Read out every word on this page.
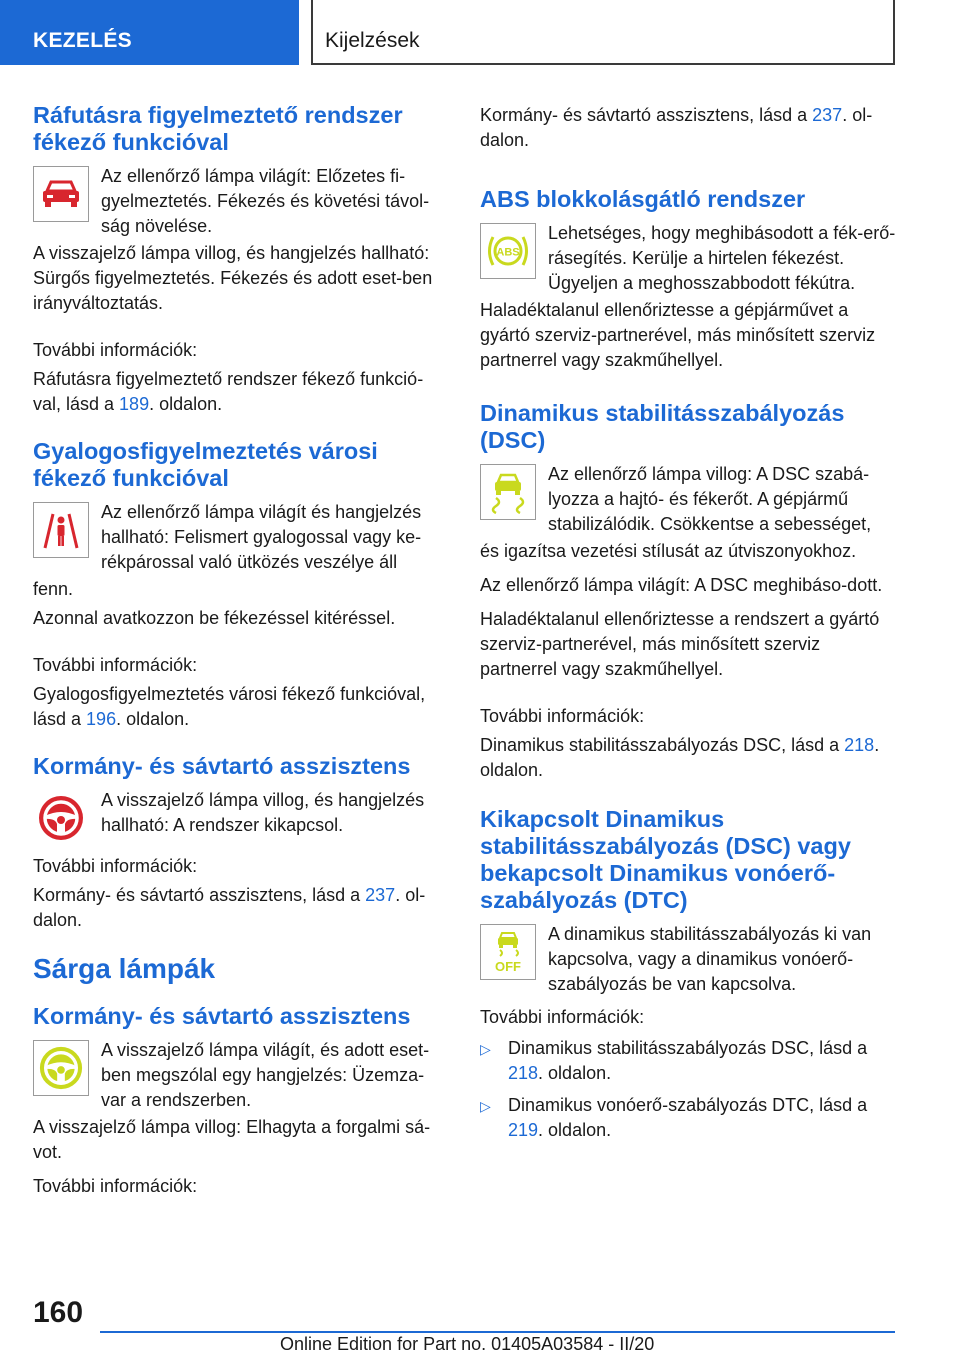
KEZELÉS	Kijelzések
Ráfutásra figyelmeztető rendszer fékező funkcióval
Az ellenőrző lámpa világít: Előzetes fi-gyelmeztetés. Fékezés és követési távol-ság növelése.
A visszajelző lámpa villog, és hangjelzés hallható: Sürgős figyelmeztetés. Fékezés és adott eset-ben irányváltoztatás.
További információk:
Ráfutásra figyelmeztető rendszer fékező funkció-val, lásd a 189. oldalon.
Gyalogosfigyelmeztetés városi fékező funkcióval
Az ellenőrző lámpa világít és hangjelzés hallható: Felismert gyalogossal vagy ke-rékpárossal való ütközés veszélye áll
fenn.
Azonnal avatkozzon be fékezéssel kitéréssel.
További információk:
Gyalogosfigyelmeztetés városi fékező funkcióval, lásd a 196. oldalon.
Kormány- és sávtartó asszisztens
A visszajelző lámpa villog, és hangjelzés hallható: A rendszer kikapcsol.
További információk:
Kormány- és sávtartó asszisztens, lásd a 237. ol-dalon.
Sárga lámpák
Kormány- és sávtartó asszisztens
A visszajelző lámpa világít, és adott eset-ben megszólal egy hangjelzés: Üzemza-var a rendszerben.
A visszajelző lámpa villog: Elhagyta a forgalmi sá-vot.
További információk:
Kormány- és sávtartó asszisztens, lásd a 237. ol-dalon.
ABS blokkolásgátló rendszer
ABS
Lehetséges, hogy meghibásodott a fék-erő-rásegítés. Kerülje a hirtelen fékezést. Ügyeljen a meghosszabbodott fékútra.
Haladéktalanul ellenőriztesse a gépjárművet a gyártó szerviz-partnerével, más minősített szerviz partnerrel vagy szakműhellyel.
Dinamikus stabilitásszabályozás (DSC)
Az ellenőrző lámpa villog: A DSC szabá-lyozza a hajtó- és fékerőt. A gépjármű stabilizálódik. Csökkentse a sebességet,
és igazítsa vezetési stílusát az útviszonyokhoz.
Az ellenőrző lámpa világít: A DSC meghibáso-dott.
Haladéktalanul ellenőriztesse a rendszert a gyártó szerviz-partnerével, más minősített szerviz partnerrel vagy szakműhellyel.
További információk:
Dinamikus stabilitásszabályozás DSC, lásd a 218. oldalon.
Kikapcsolt Dinamikus stabilitásszabályozás (DSC) vagy bekapcsolt Dinamikus vonóerő-szabályozás (DTC)
OFF
A dinamikus stabilitásszabályozás ki van kapcsolva, vagy a dinamikus vonóerő-szabályozás be van kapcsolva.
További információk:
▷ Dinamikus stabilitásszabályozás DSC, lásd a 218. oldalon.
▷ Dinamikus vonóerő-szabályozás DTC, lásd a 219. oldalon.
160
Online Edition for Part no. 01405A03584 - II/20
